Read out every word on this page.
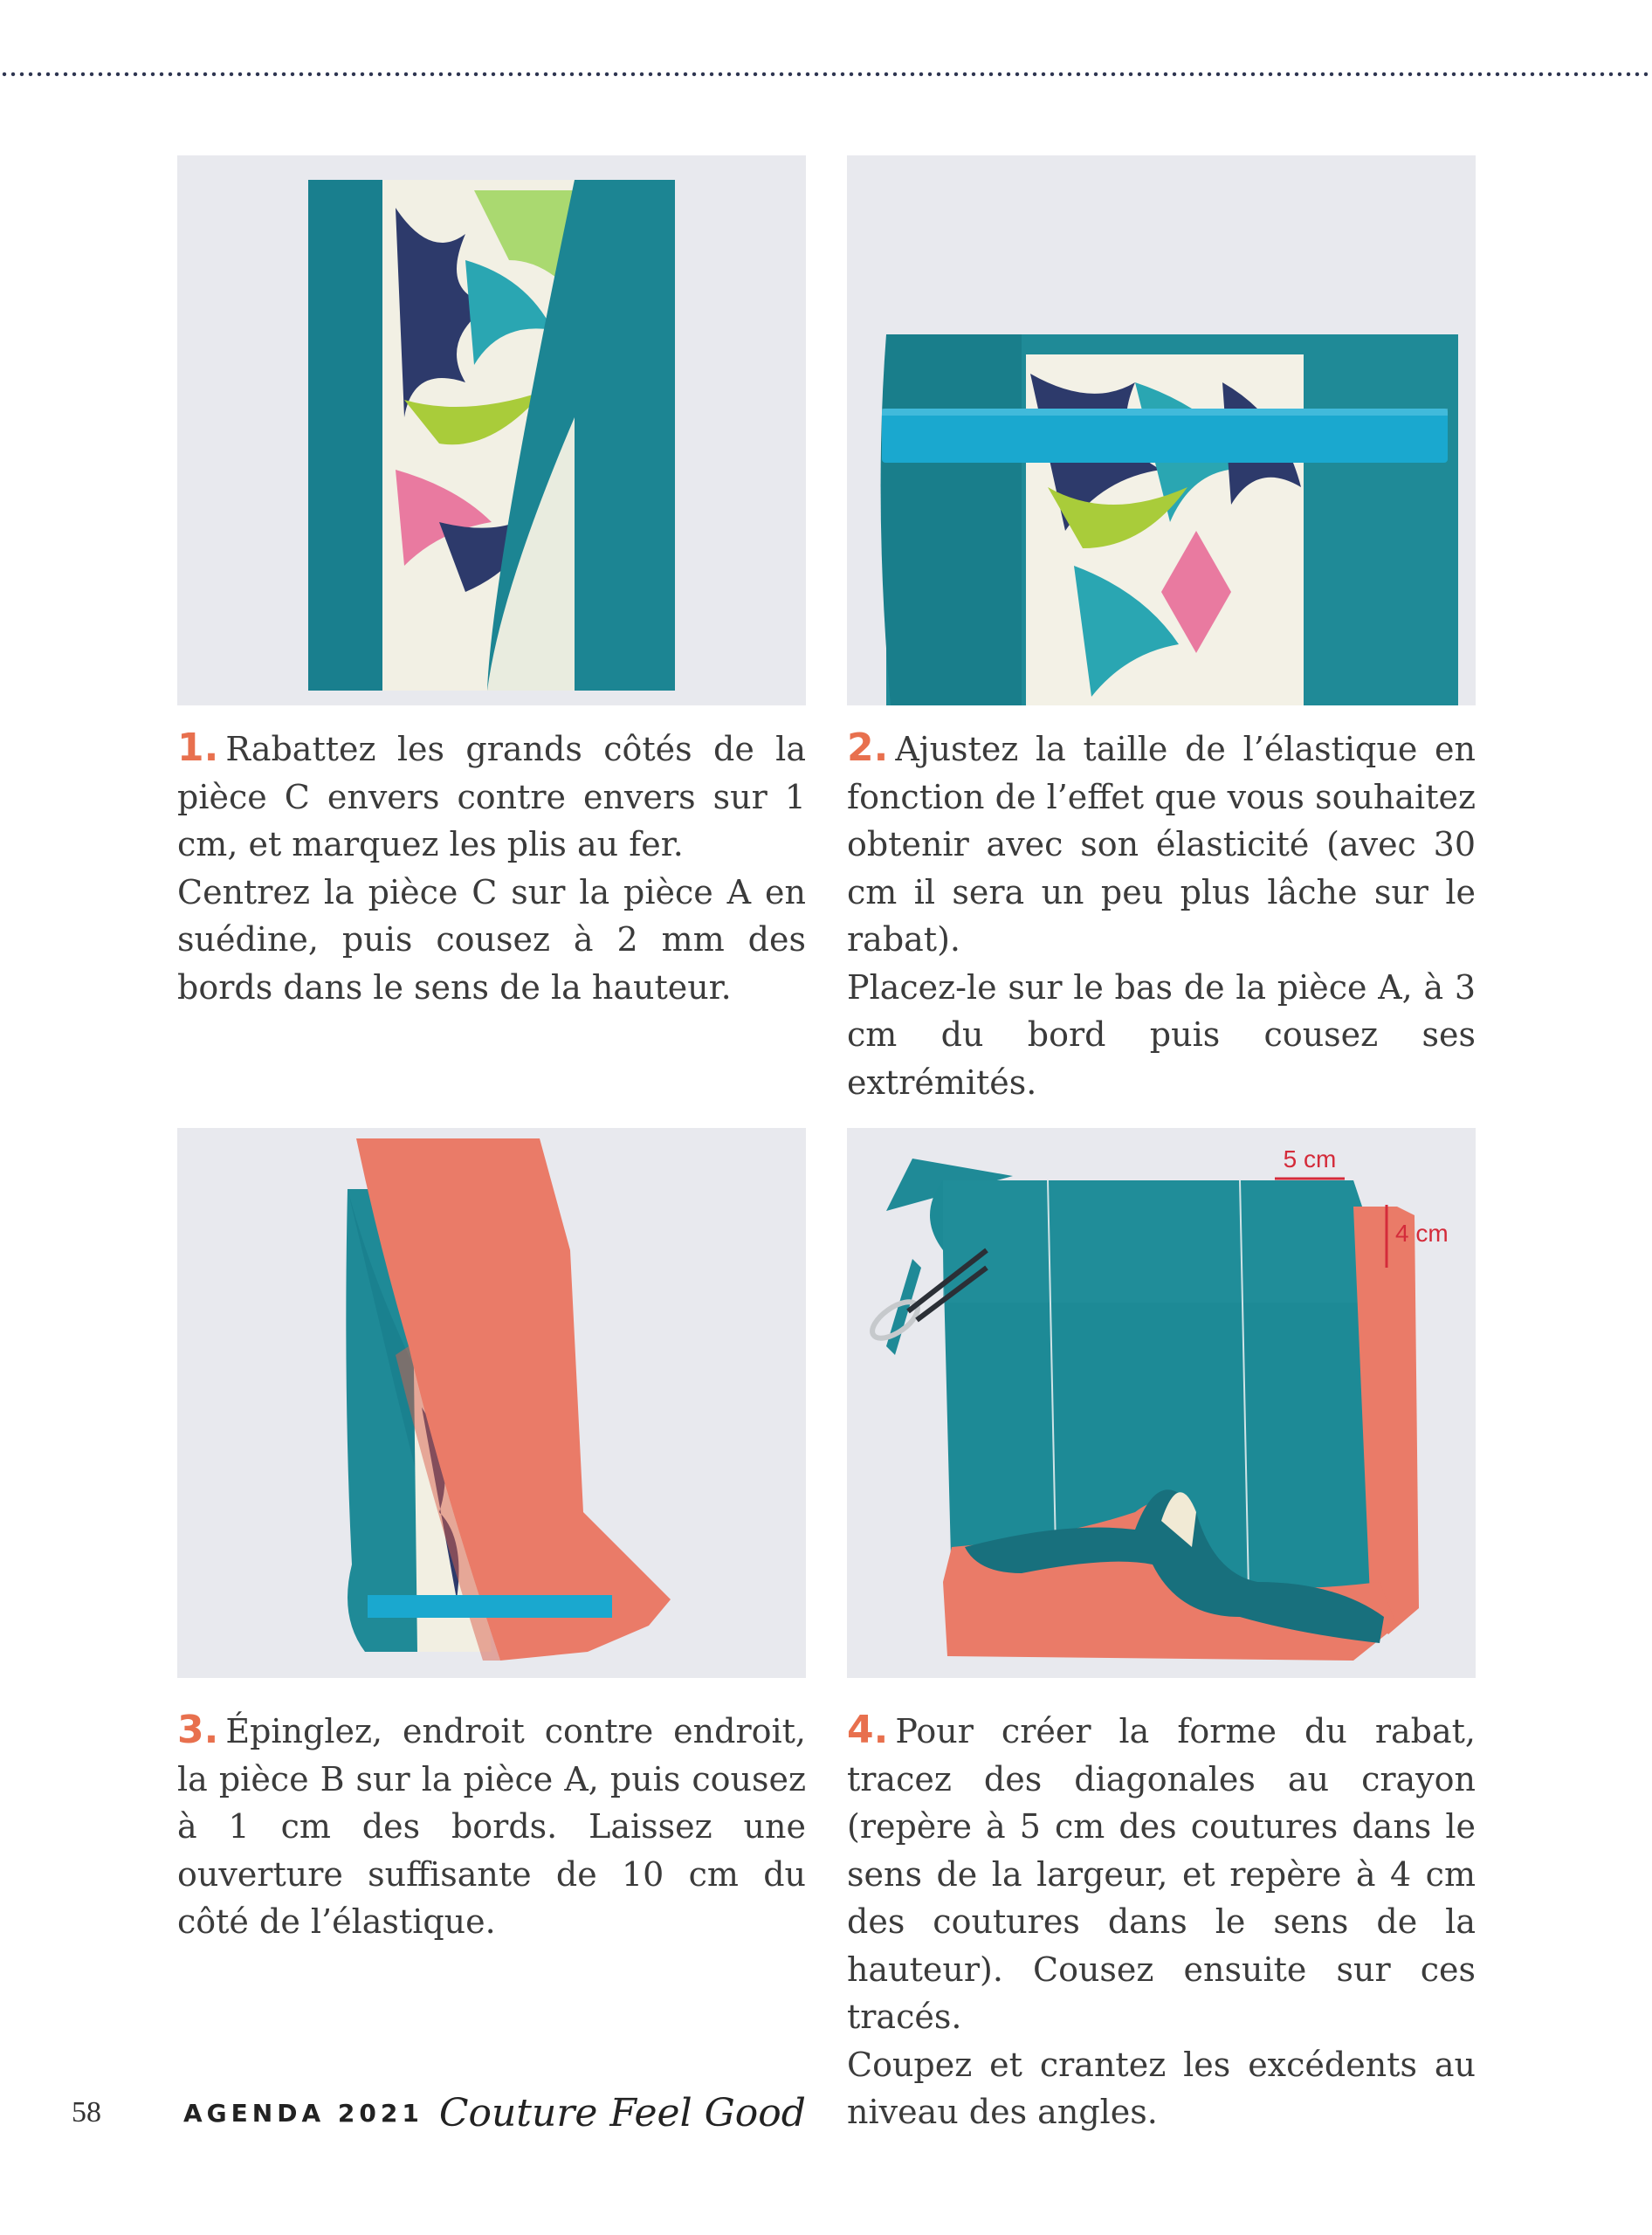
5 cm
4 cm

1. Rabattez les grands côtés de la pièce C envers contre envers sur 1 cm, et marquez les plis au fer.

Centrez la pièce C sur la pièce A en suédine, puis cousez à 2 mm des bords dans le sens de la hauteur.

2. Ajustez la taille de l’élastique en fonction de l’effet que vous souhaitez obtenir avec son élasticité (avec 30 cm il sera un peu plus lâche sur le rabat).

Placez-le sur le bas de la pièce A, à 3 cm du bord puis cousez ses extrémités.

3. Épinglez, endroit contre endroit, la pièce B sur la pièce A, puis cousez à 1 cm des bords. Laissez une ouverture suffisante de 10 cm du côté de l’élastique.

4. Pour créer la forme du rabat, tracez des diagonales au crayon (repère à 5 cm des coutures dans le sens de la largeur, et repère à 4 cm des coutures dans le sens de la hauteur). Cousez ensuite sur ces tracés.

Coupez et crantez les excédents au niveau des angles.

58	AGENDA 2021 Couture Feel Good
